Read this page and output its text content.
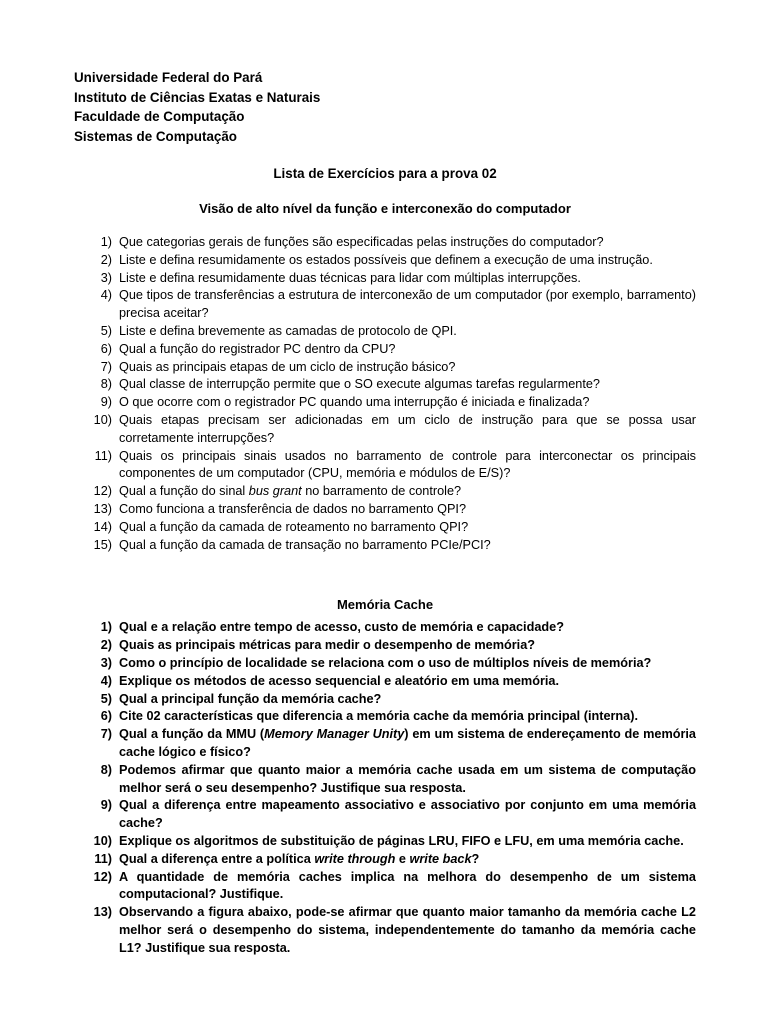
Universidade Federal do Pará
Instituto de Ciências Exatas e Naturais
Faculdade de Computação
Sistemas de Computação
Lista de Exercícios para a prova 02
Visão de alto nível da função e interconexão do computador
1) Que categorias gerais de funções são especificadas pelas instruções do computador?
2) Liste e defina resumidamente os estados possíveis que definem a execução de uma instrução.
3) Liste e defina resumidamente duas técnicas para lidar com múltiplas interrupções.
4) Que tipos de transferências a estrutura de interconexão de um computador (por exemplo, barramento) precisa aceitar?
5) Liste e defina brevemente as camadas de protocolo de QPI.
6) Qual a função do registrador PC dentro da CPU?
7) Quais as principais etapas de um ciclo de instrução básico?
8) Qual classe de interrupção permite que o SO execute algumas tarefas regularmente?
9) O que ocorre com o registrador PC quando uma interrupção é iniciada e finalizada?
10) Quais etapas precisam ser adicionadas em um ciclo de instrução para que se possa usar corretamente interrupções?
11) Quais os principais sinais usados no barramento de controle para interconectar os principais componentes de um computador (CPU, memória e módulos de E/S)?
12) Qual a função do sinal bus grant no barramento de controle?
13) Como funciona a transferência de dados no barramento QPI?
14) Qual a função da camada de roteamento no barramento QPI?
15) Qual a função da camada de transação no barramento PCIe/PCI?
Memória Cache
1) Qual e a relação entre tempo de acesso, custo de memória e capacidade?
2) Quais as principais métricas para medir o desempenho de memória?
3) Como o princípio de localidade se relaciona com o uso de múltiplos níveis de memória?
4) Explique os métodos de acesso sequencial e aleatório em uma memória.
5) Qual a principal função da memória cache?
6) Cite 02 características que diferencia a memória cache da memória principal (interna).
7) Qual a função da MMU (Memory Manager Unity) em um sistema de endereçamento de memória cache lógico e físico?
8) Podemos afirmar que quanto maior a memória cache usada em um sistema de computação melhor será o seu desempenho? Justifique sua resposta.
9) Qual a diferença entre mapeamento associativo e associativo por conjunto em uma memória cache?
10) Explique os algoritmos de substituição de páginas LRU, FIFO e LFU, em uma memória cache.
11) Qual a diferença entre a política write through e write back?
12) A quantidade de memória caches implica na melhora do desempenho de um sistema computacional? Justifique.
13) Observando a figura abaixo, pode-se afirmar que quanto maior tamanho da memória cache L2 melhor será o desempenho do sistema, independentemente do tamanho da memória cache L1? Justifique sua resposta.
